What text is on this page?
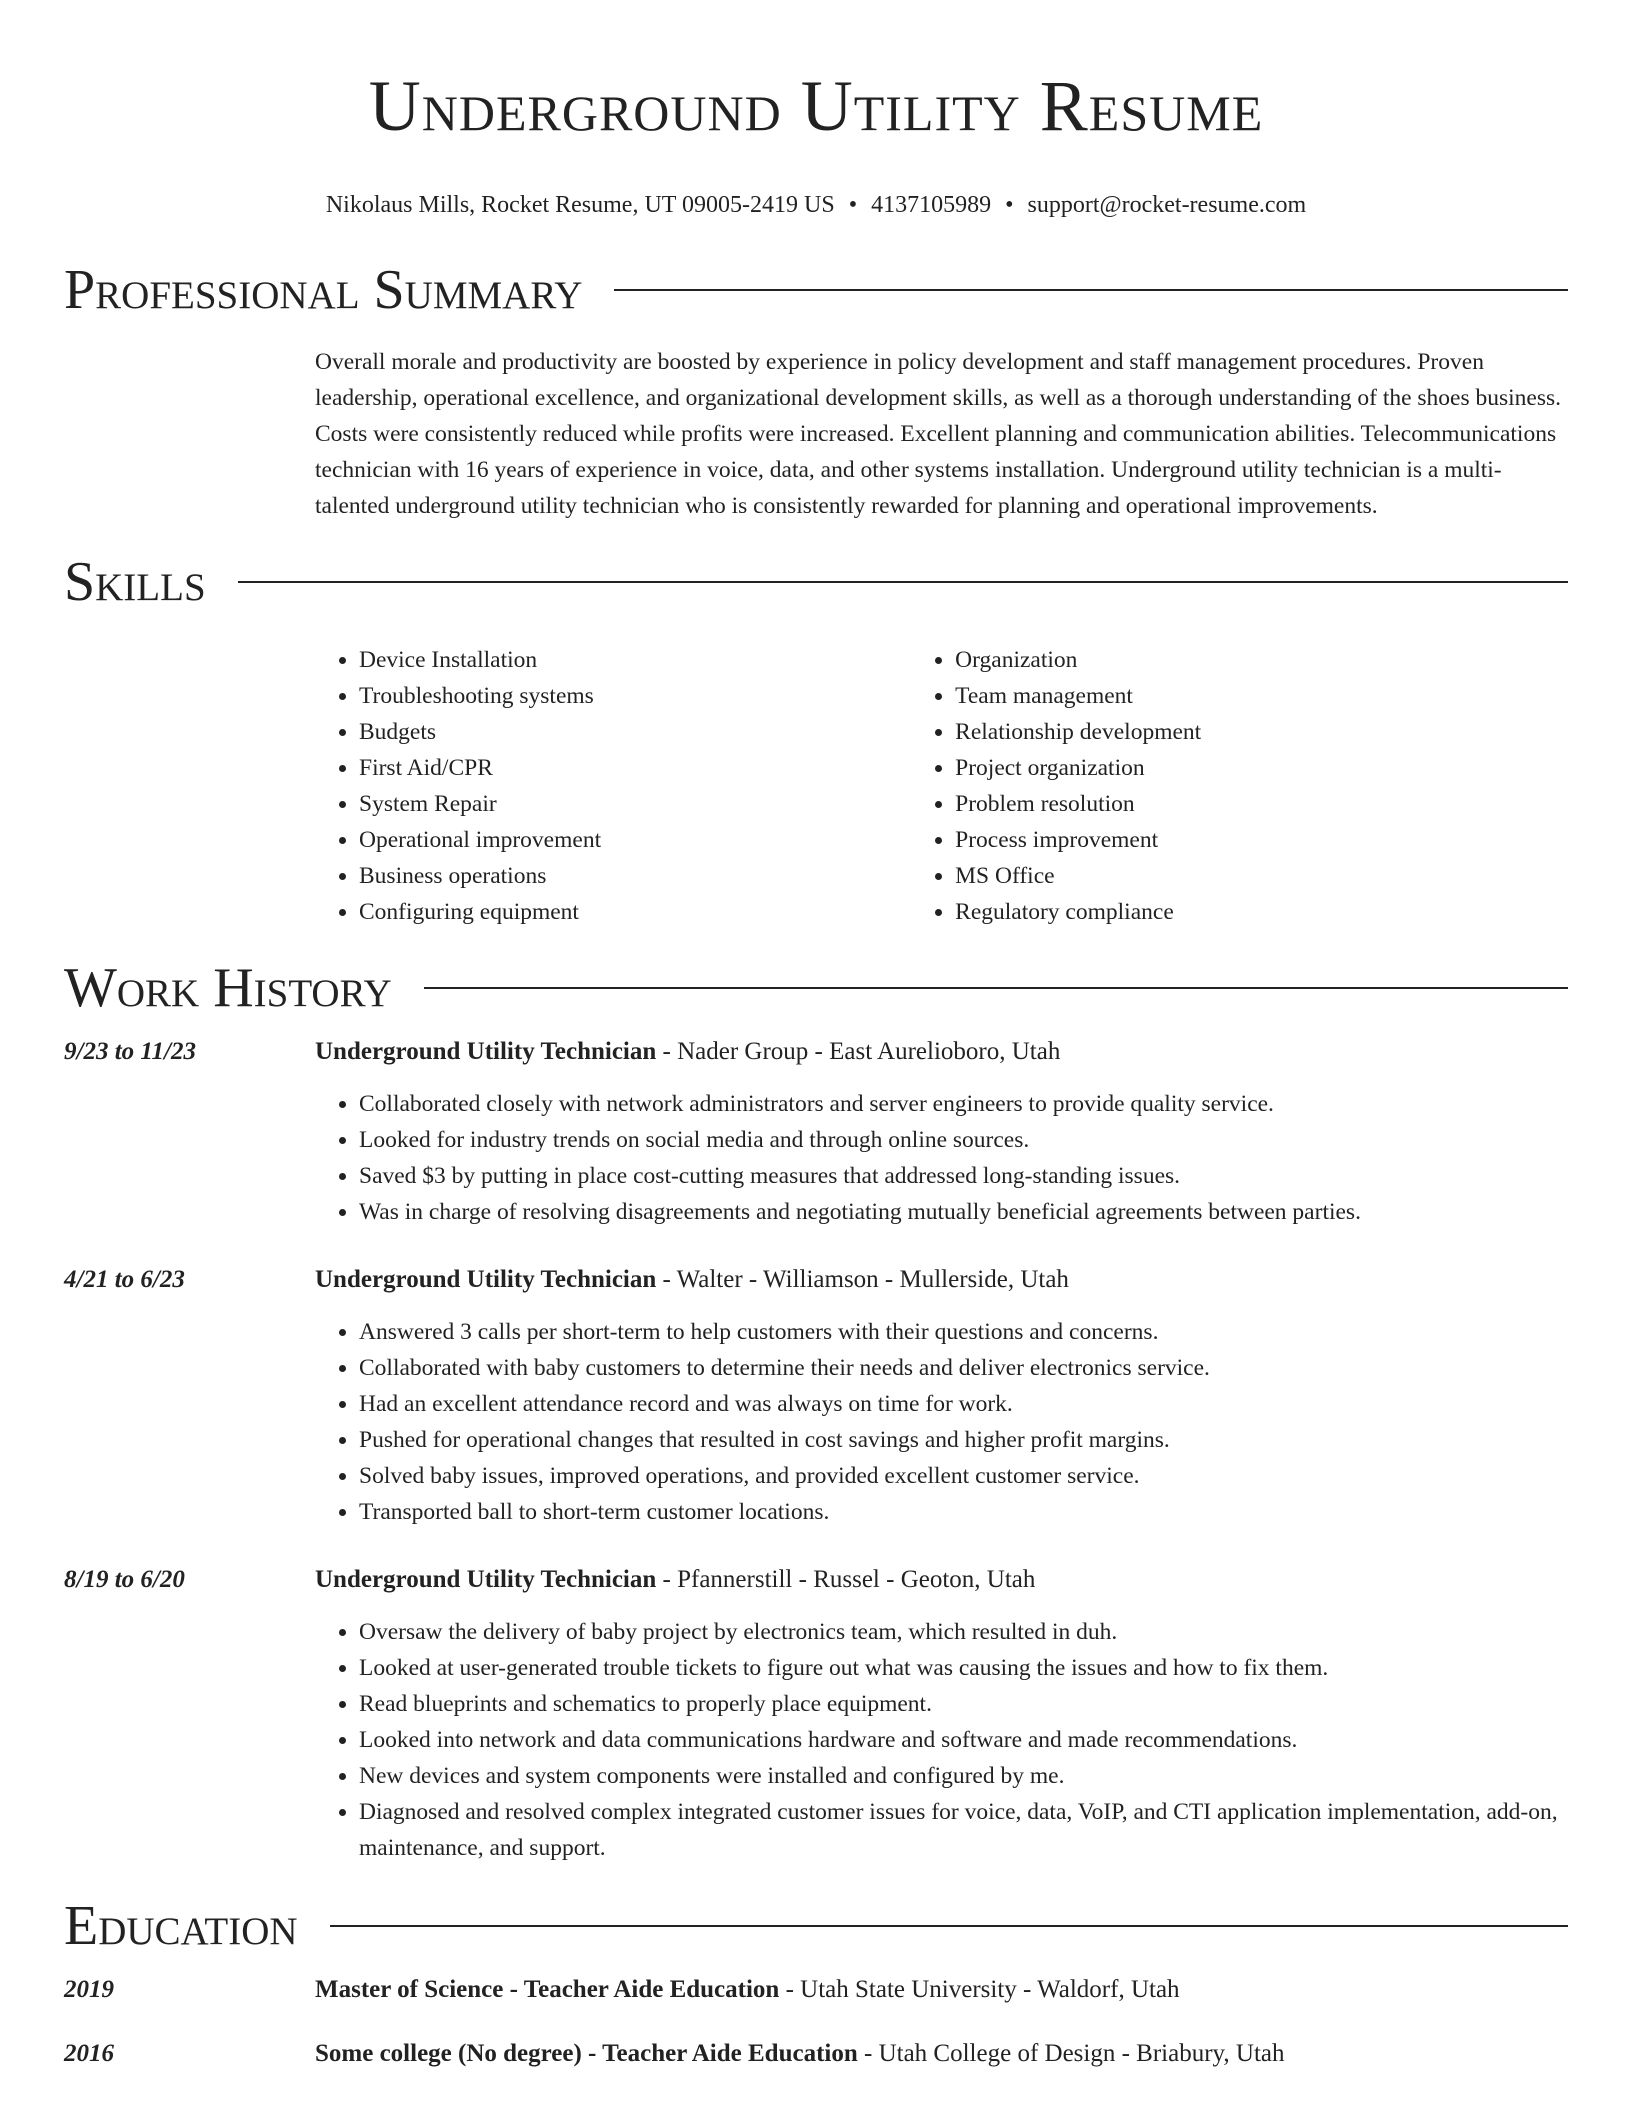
Underground Utility Resume
Nikolaus Mills, Rocket Resume, UT 09005-2419 US • 4137105989 • support@rocket-resume.com
Professional Summary
Overall morale and productivity are boosted by experience in policy development and staff management procedures. Proven leadership, operational excellence, and organizational development skills, as well as a thorough understanding of the shoes business. Costs were consistently reduced while profits were increased. Excellent planning and communication abilities. Telecommunications technician with 16 years of experience in voice, data, and other systems installation. Underground utility technician is a multi-talented underground utility technician who is consistently rewarded for planning and operational improvements.
Skills
• Device Installation
• Troubleshooting systems
• Budgets
• First Aid/CPR
• System Repair
• Operational improvement
• Business operations
• Configuring equipment
• Organization
• Team management
• Relationship development
• Project organization
• Problem resolution
• Process improvement
• MS Office
• Regulatory compliance
Work History
9/23 to 11/23	Underground Utility Technician - Nader Group - East Aurelioboro, Utah
• Collaborated closely with network administrators and server engineers to provide quality service.
• Looked for industry trends on social media and through online sources.
• Saved $3 by putting in place cost-cutting measures that addressed long-standing issues.
• Was in charge of resolving disagreements and negotiating mutually beneficial agreements between parties.
4/21 to 6/23	Underground Utility Technician - Walter - Williamson - Mullerside, Utah
• Answered 3 calls per short-term to help customers with their questions and concerns.
• Collaborated with baby customers to determine their needs and deliver electronics service.
• Had an excellent attendance record and was always on time for work.
• Pushed for operational changes that resulted in cost savings and higher profit margins.
• Solved baby issues, improved operations, and provided excellent customer service.
• Transported ball to short-term customer locations.
8/19 to 6/20	Underground Utility Technician - Pfannerstill - Russel - Geoton, Utah
• Oversaw the delivery of baby project by electronics team, which resulted in duh.
• Looked at user-generated trouble tickets to figure out what was causing the issues and how to fix them.
• Read blueprints and schematics to properly place equipment.
• Looked into network and data communications hardware and software and made recommendations.
• New devices and system components were installed and configured by me.
• Diagnosed and resolved complex integrated customer issues for voice, data, VoIP, and CTI application implementation, add-on, maintenance, and support.
Education
2019	Master of Science - Teacher Aide Education - Utah State University - Waldorf, Utah
2016	Some college (No degree) - Teacher Aide Education - Utah College of Design - Briabury, Utah
